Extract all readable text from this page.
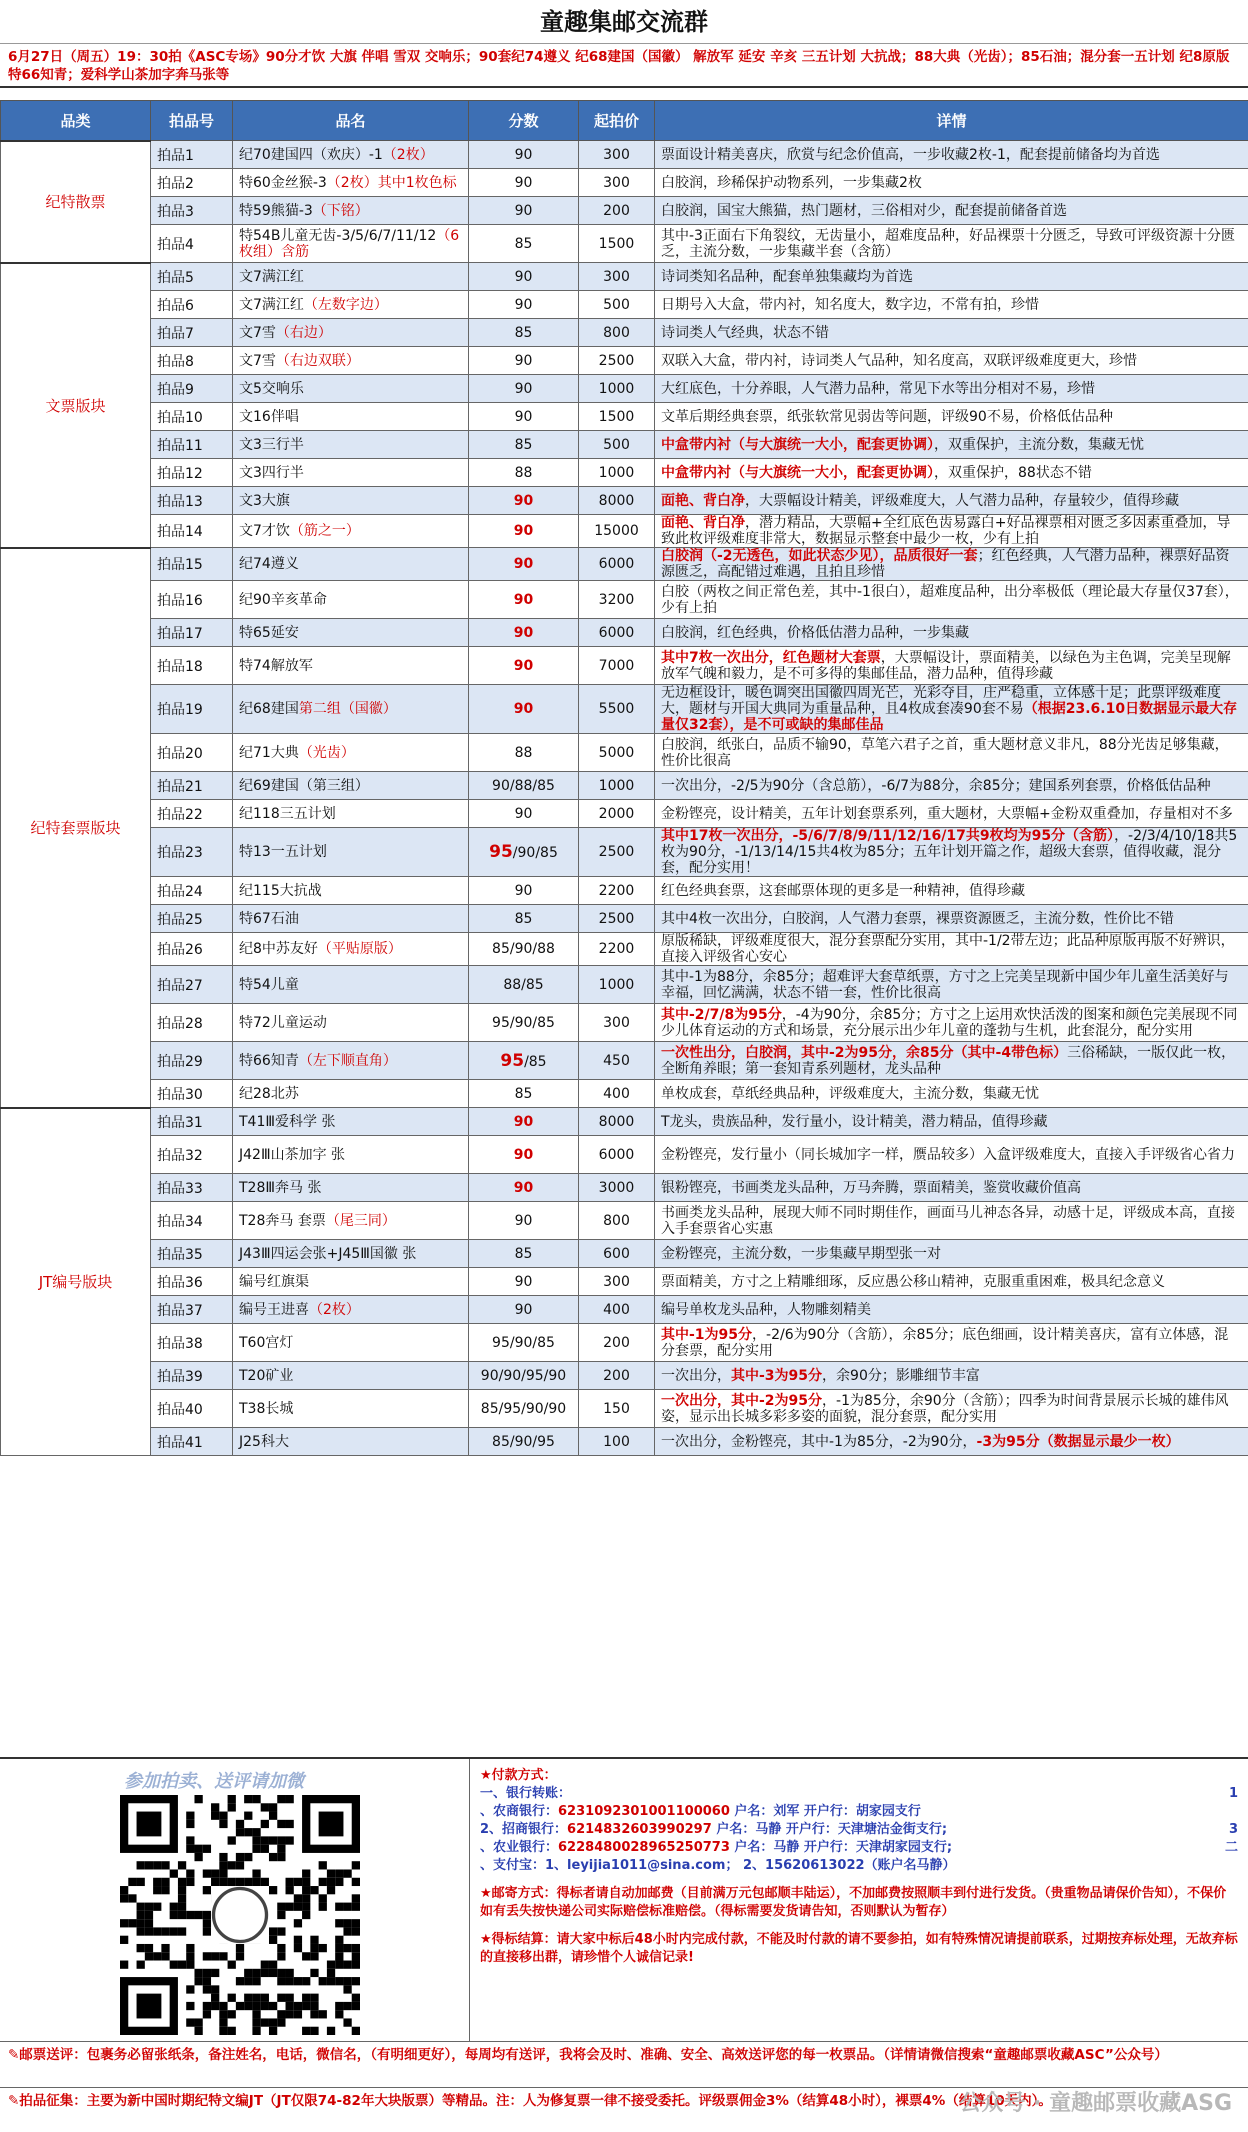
童趣集邮交流群
6月27日（周五）19：30拍《ASC专场》90分才饮 大旗 伴唱 雪双 交响乐；90套纪74遵义 纪68建国（国徽） 解放军 延安 辛亥 三五计划 大抗战；88大典（光齿）；85石油；混分套一五计划 纪8原版 特66知青；爱科学山茶加字奔马张等
品类	拍品号	品名	分数	起拍价	详情
纪特散票	拍品1	纪70建国四（欢庆）-1（2枚）	90	300	票面设计精美喜庆，欣赏与纪念价值高，一步收藏2枚-1，配套提前储备均为首选
	拍品2	特60金丝猴-3（2枚）其中1枚色标	90	300	白胶润，珍稀保护动物系列，一步集藏2枚
	拍品3	特59熊猫-3（下铭）	90	200	白胶润，国宝大熊猫，热门题材，三俗相对少，配套提前储备首选
	拍品4	特54B儿童无齿-3/5/6/7/11/12（6枚组）含筋	85	1500	其中-3正面右下角裂纹，无齿量小，超难度品种，好品裸票十分匮乏，导致可评级资源十分匮乏，主流分数，一步集藏半套（含筋）
文票版块	拍品5	文7满江红	90	300	诗词类知名品种，配套单独集藏均为首选
	拍品6	文7满江红（左数字边）	90	500	日期号入大盒，带内衬，知名度大，数字边，不常有拍，珍惜
	拍品7	文7雪（右边）	85	800	诗词类人气经典，状态不错
	拍品8	文7雪（右边双联）	90	2500	双联入大盒，带内衬，诗词类人气品种，知名度高，双联评级难度更大，珍惜
	拍品9	文5交响乐	90	1000	大红底色，十分养眼，人气潜力品种，常见下水等出分相对不易，珍惜
	拍品10	文16伴唱	90	1500	文革后期经典套票，纸张软常见弱齿等问题，评级90不易，价格低估品种
	拍品11	文3三行半	85	500	中盒带内衬（与大旗统一大小，配套更协调），双重保护，主流分数，集藏无忧
	拍品12	文3四行半	88	1000	中盒带内衬（与大旗统一大小，配套更协调），双重保护，88状态不错
	拍品13	文3大旗	90	8000	面艳、背白净，大票幅设计精美，评级难度大，人气潜力品种，存量较少，值得珍藏
	拍品14	文7才饮（筋之一）	90	15000	面艳、背白净，潜力精品，大票幅+全红底色齿易露白+好品裸票相对匮乏多因素重叠加，导致此枚评级难度非常大，数据显示整套中最少一枚，少有上拍
纪特套票版块	拍品15	纪74遵义	90	6000	白胶润（-2无透色，如此状态少见），品质很好一套；红色经典，人气潜力品种，裸票好品资源匮乏，高配错过难遇，且拍且珍惜
	拍品16	纪90辛亥革命	90	3200	白胶（两枚之间正常色差，其中-1很白），超难度品种，出分率极低（理论最大存量仅37套），少有上拍
	拍品17	特65延安	90	6000	白胶润，红色经典，价格低估潜力品种，一步集藏
	拍品18	特74解放军	90	7000	其中7枚一次出分，红色题材大套票，大票幅设计，票面精美，以绿色为主色调，完美呈现解放军气魄和毅力，是不可多得的集邮佳品，潜力品种，值得珍藏
	拍品19	纪68建国第二组（国徽）	90	5500	无边框设计，暖色调突出国徽四周光芒，光彩夺目，庄严稳重，立体感十足；此票评级难度大，题材与开国大典同为重量品种，且4枚成套凑90套不易（根据23.6.10日数据显示最大存量仅32套），是不可或缺的集邮佳品
	拍品20	纪71大典（光齿）	88	5000	白胶润，纸张白，品质不输90，草笔六君子之首，重大题材意义非凡，88分光齿足够集藏，性价比很高
	拍品21	纪69建国（第三组）	90/88/85	1000	一次出分，-2/5为90分（含总筋），-6/7为88分，余85分；建国系列套票，价格低估品种
	拍品22	纪118三五计划	90	2000	金粉铿亮，设计精美，五年计划套票系列，重大题材，大票幅+金粉双重叠加，存量相对不多
	拍品23	特13一五计划	95/90/85	2500	其中17枚一次出分，-5/6/7/8/9/11/12/16/17共9枚均为95分（含筋），-2/3/4/10/18共5枚为90分，-1/13/14/15共4枚为85分；五年计划开篇之作，超级大套票，值得收藏，混分套，配分实用！
	拍品24	纪115大抗战	90	2200	红色经典套票，这套邮票体现的更多是一种精神，值得珍藏
	拍品25	特67石油	85	2500	其中4枚一次出分，白胶润，人气潜力套票，裸票资源匮乏，主流分数，性价比不错
	拍品26	纪8中苏友好（平贴原版）	85/90/88	2200	原版稀缺，评级难度很大，混分套票配分实用，其中-1/2带左边；此品种原版再版不好辨识，直接入评级省心安心
	拍品27	特54儿童	88/85	1000	其中-1为88分，余85分；超难评大套草纸票，方寸之上完美呈现新中国少年儿童生活美好与幸福，回忆满满，状态不错一套，性价比很高
	拍品28	特72儿童运动	95/90/85	300	其中-2/7/8为95分，-4为90分，余85分；方寸之上运用欢快活泼的图案和颜色完美展现不同少儿体育运动的方式和场景，充分展示出少年儿童的蓬勃与生机，此套混分，配分实用
	拍品29	特66知青（左下顺直角）	95/85	450	一次性出分，白胶润，其中-2为95分，余85分（其中-4带色标）三俗稀缺，一版仅此一枚，全断角养眼；第一套知青系列题材，龙头品种
	拍品30	纪28北苏	85	400	单枚成套，草纸经典品种，评级难度大，主流分数，集藏无忧
JT编号版块	拍品31	T41Ⅲ爱科学 张	90	8000	T龙头，贵族品种，发行量小，设计精美，潜力精品，值得珍藏
	拍品32	J42Ⅲ山茶加字 张	90	6000	金粉铿亮，发行量小（同长城加字一样，赝品较多）入盒评级难度大，直接入手评级省心省力
	拍品33	T28Ⅲ奔马 张	90	3000	银粉铿亮，书画类龙头品种，万马奔腾，票面精美，鉴赏收藏价值高
	拍品34	T28奔马 套票（尾三同）	90	800	书画类龙头品种，展现大师不同时期佳作，画面马儿神态各异，动感十足，评级成本高，直接入手套票省心实惠
	拍品35	J43Ⅲ四运会张+J45Ⅲ国徽 张	85	600	金粉铿亮，主流分数，一步集藏早期型张一对
	拍品36	编号红旗渠	90	300	票面精美，方寸之上精雕细琢，反应愚公移山精神，克服重重困难，极具纪念意义
	拍品37	编号王进喜（2枚）	90	400	编号单枚龙头品种，人物雕刻精美
	拍品38	T60宫灯	95/90/85	200	其中-1为95分，-2/6为90分（含筋），余85分；底色细画，设计精美喜庆，富有立体感，混分套票，配分实用
	拍品39	T20矿业	90/90/95/90	200	一次出分，其中-3为95分，余90分；影雕细节丰富
	拍品40	T38长城	85/95/90/90	150	一次出分，其中-2为95分，-1为85分，余90分（含筋）；四季为时间背景展示长城的雄伟风姿，显示出长城多彩多姿的面貌，混分套票，配分实用
	拍品41	J25科大	85/90/95	100	一次出分，金粉铿亮，其中-1为85分，-2为90分，-3为95分（数据显示最少一枚）
参加拍卖、送评请加微	★付款方式：
一、银行转账：	1
、农商银行：6231092301001100060 户名：刘军 开户行：胡家园支行
2、招商银行：6214832603990297 户名：马静 开户行：天津塘沽金街支行;	3
、农业银行：6228480028965250773 户名：马静 开户行：天津胡家园支行;	二
、支付宝：1、leyijia1011@sina.com； 2、15620613022（账户名马静）
★邮寄方式：得标者请自动加邮费（目前满万元包邮顺丰陆运），不加邮费按照顺丰到付进行发货。（贵重物品请保价告知），不保价如有丢失按快递公司实际赔偿标准赔偿。（得标需要发货请告知，否则默认为暂存）
★得标结算：请大家中标后48小时内完成付款，不能及时付款的请不要参拍，如有特殊情况请提前联系，过期按弃标处理，无故弃标的直接移出群，请珍惜个人诚信记录!
✎邮票送评：包裹务必留张纸条，备注姓名，电话，微信名，（有明细更好），每周均有送评，我将会及时、准确、安全、高效送评您的每一枚票品。（详情请微信搜索“童趣邮票收藏ASC”公众号）
✎拍品征集：主要为新中国时期纪特文编JT（JT仅限74-82年大块版票）等精品。注：人为修复票一律不接受委托。评级票佣金3%（结算48小时），裸票4%（结算10天内）。
公众号 · 童趣邮票收藏ASG
